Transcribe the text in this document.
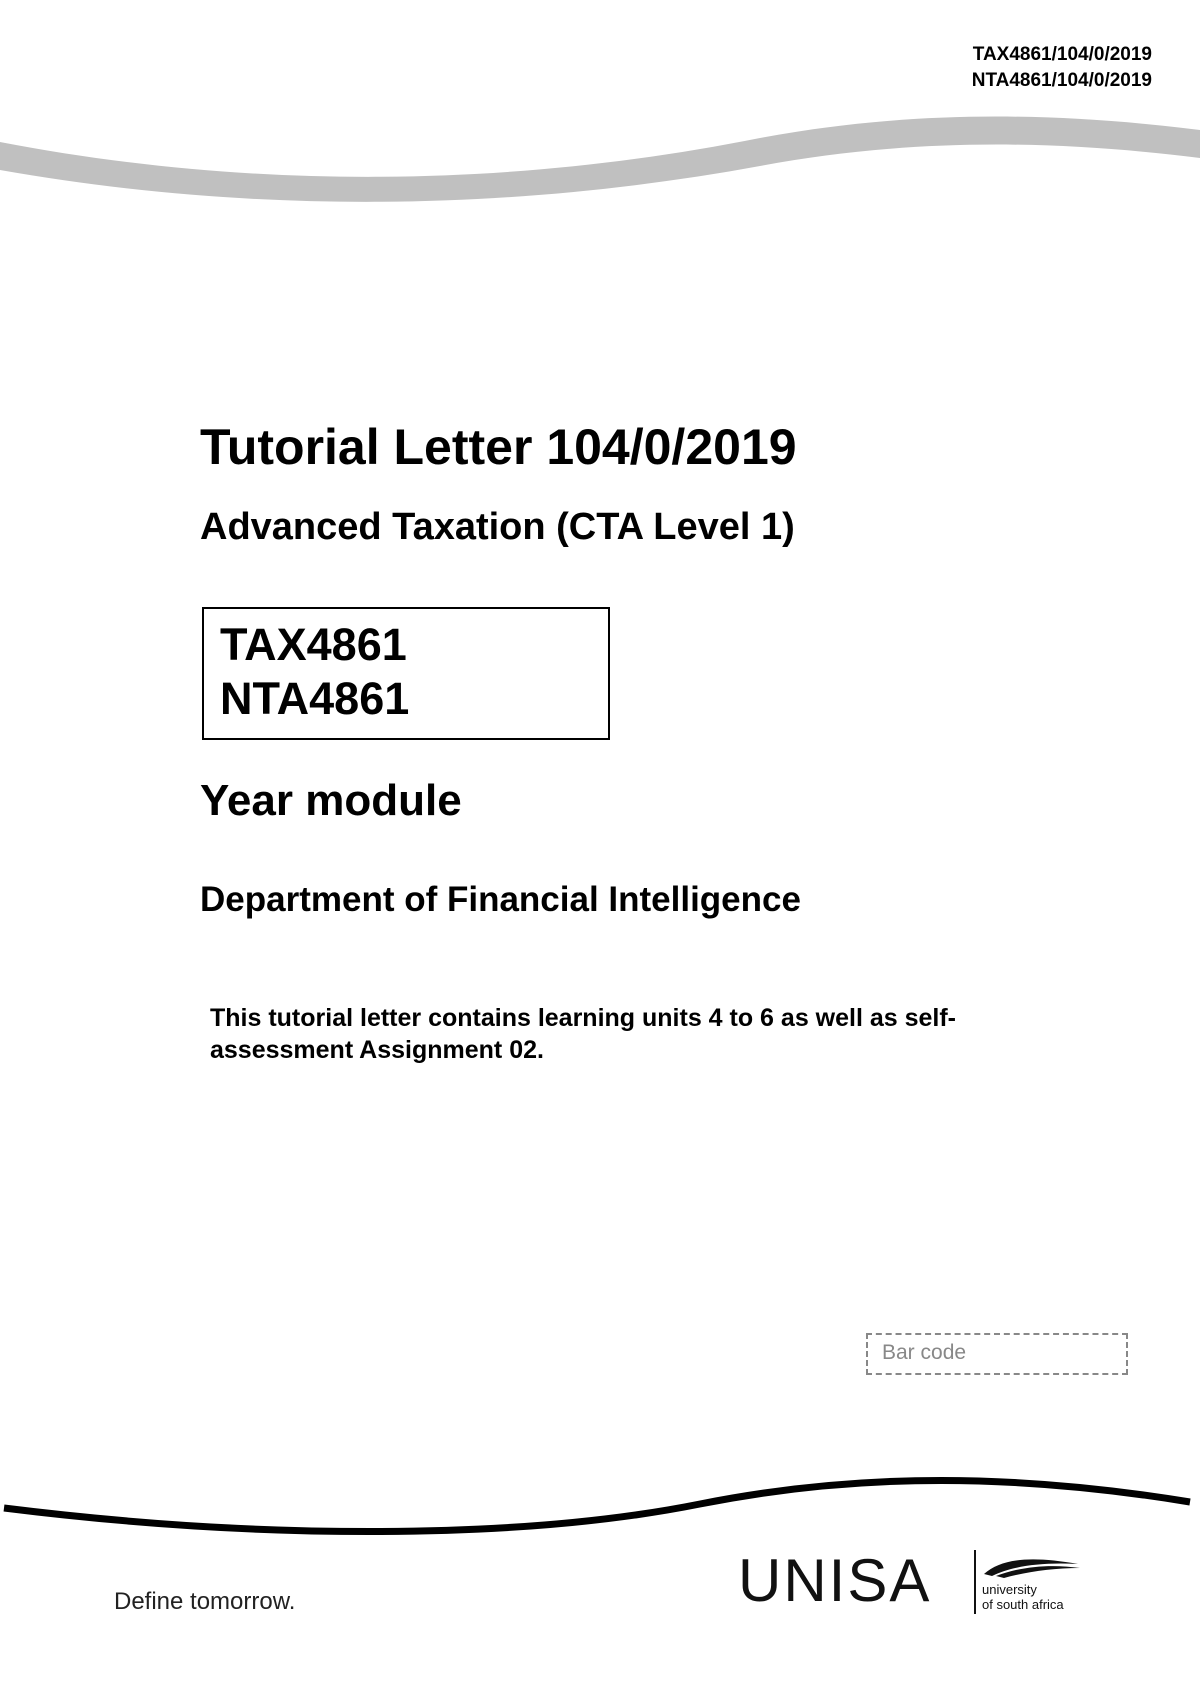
TAX4861/104/0/2019
NTA4861/104/0/2019
Tutorial Letter 104/0/2019
Advanced Taxation (CTA Level 1)
TAX4861
NTA4861
Year module
Department of Financial Intelligence

This tutorial letter contains learning units 4 to 6 as well as self-assessment Assignment 02.

Bar code
Define tomorrow.	UNISA	university
of south africa
